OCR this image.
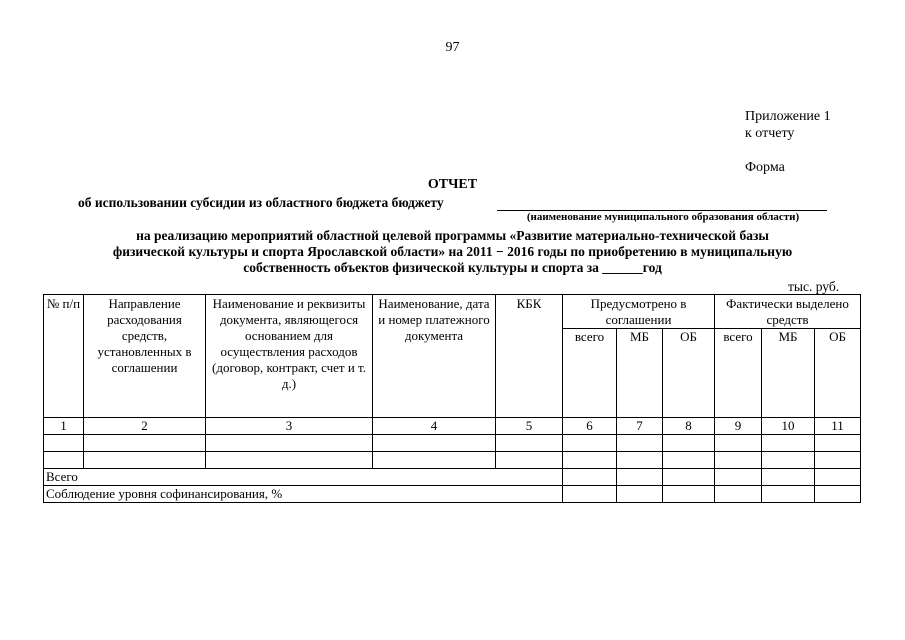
97
Приложение 1
к отчету
Форма
ОТЧЕТ
об использовании субсидии из областного бюджета бюджету
(наименование муниципального образования области)
на реализацию мероприятий областной целевой программы «Развитие материально-технической базы
физической культуры и спорта Ярославской области» на 2011 − 2016 годы по приобретению в муниципальную
собственность объектов физической культуры и спорта за ______год
тыс. руб.
№ п/п	Направление расходования средств, установленных в соглашении	Наименование и реквизиты документа, являющегося основанием для осуществления расходов (договор, контракт, счет и т. д.)	Наименование, дата и номер платежного документа	КБК	Предусмотрено в соглашении			Фактически выделено средств		
					всего	МБ	ОБ	всего	МБ	ОБ
1	2	3	4	5	6	7	8	9	10	11

Всего										
Соблюдение уровня софинансирования, %										
